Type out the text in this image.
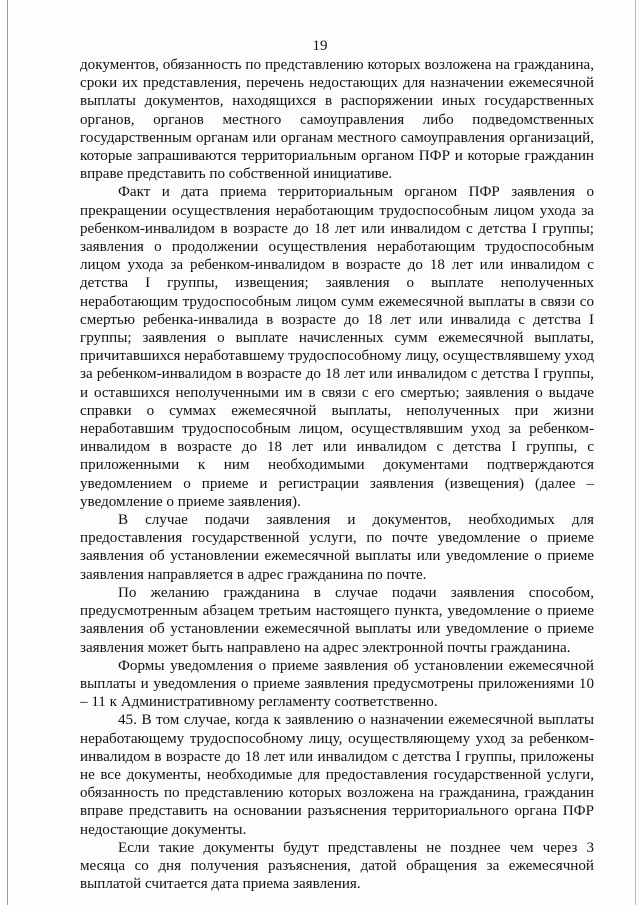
19

документов, обязанность по представлению которых возложена на гражданина, сроки их представления, перечень недостающих для назначении ежемесячной выплаты документов, находящихся в распоряжении иных государственных органов, органов местного самоуправления либо подведомственных государственным органам или органам местного самоуправления организаций, которые запрашиваются территориальным органом ПФР и которые гражданин вправе представить по собственной инициативе.

Факт и дата приема территориальным органом ПФР заявления о прекращении осуществления неработающим трудоспособным лицом ухода за ребенком-инвалидом в возрасте до 18 лет или инвалидом с детства I группы; заявления о продолжении осуществления неработающим трудоспособным лицом ухода за ребенком-инвалидом в возрасте до 18 лет или инвалидом с детства I группы, извещения; заявления о выплате неполученных неработающим трудоспособным лицом сумм ежемесячной выплаты в связи со смертью ребенка-инвалида в возрасте до 18 лет или инвалида с детства I группы; заявления о выплате начисленных сумм ежемесячной выплаты, причитавшихся неработавшему трудоспособному лицу, осуществлявшему уход за ребенком-инвалидом в возрасте до 18 лет или инвалидом с детства I группы, и оставшихся неполученными им в связи с его смертью; заявления о выдаче справки о суммах ежемесячной выплаты, неполученных при жизни неработавшим трудоспособным лицом, осуществлявшим уход за ребенком-инвалидом в возрасте до 18 лет или инвалидом с детства I группы, с приложенными к ним необходимыми документами подтверждаются уведомлением о приеме и регистрации заявления (извещения) (далее – уведомление о приеме заявления).

В случае подачи заявления и документов, необходимых для предоставления государственной услуги, по почте уведомление о приеме заявления об установлении ежемесячной выплаты или уведомление о приеме заявления направляется в адрес гражданина по почте.

По желанию гражданина в случае подачи заявления способом, предусмотренным абзацем третьим настоящего пункта, уведомление о приеме заявления об установлении ежемесячной выплаты или уведомление о приеме заявления может быть направлено на адрес электронной почты гражданина.

Формы уведомления о приеме заявления об установлении ежемесячной выплаты и уведомления о приеме заявления предусмотрены приложениями 10 – 11 к Административному регламенту соответственно.

45. В том случае, когда к заявлению о назначении ежемесячной выплаты неработающему трудоспособному лицу, осуществляющему уход за ребенком-инвалидом в возрасте до 18 лет или инвалидом с детства I группы, приложены не все документы, необходимые для предоставления государственной услуги, обязанность по представлению которых возложена на гражданина, гражданин вправе представить на основании разъяснения территориального органа ПФР недостающие документы.

Если такие документы будут представлены не позднее чем через 3 месяца со дня получения разъяснения, датой обращения за ежемесячной выплатой считается дата приема заявления.
